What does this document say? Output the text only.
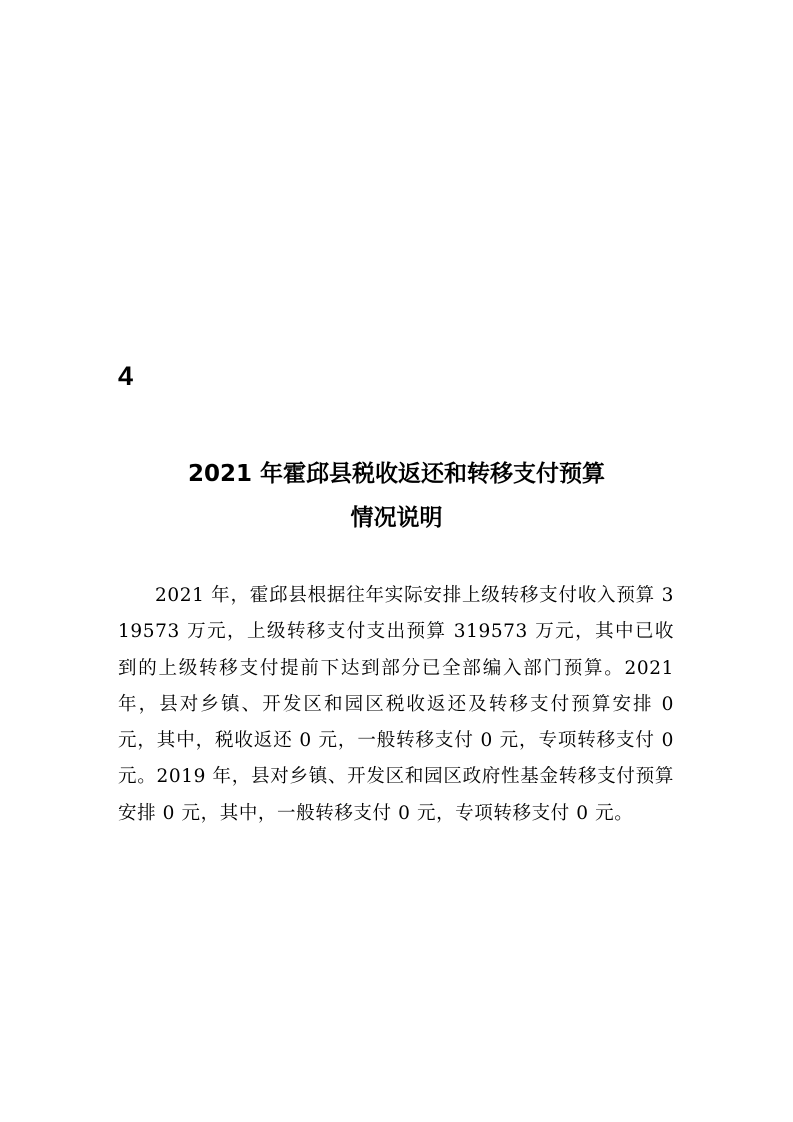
4

2021 年霍邱县税收返还和转移支付预算

情况说明

2021 年，霍邱县根据往年实际安排上级转移支付收入预算 319573 万元，上级转移支付支出预算 319573 万元，其中已收到的上级转移支付提前下达到部分已全部编入部门预算。2021 年，县对乡镇、开发区和园区税收返还及转移支付预算安排 0 元，其中，税收返还 0 元，一般转移支付 0 元，专项转移支付 0 元。2019 年，县对乡镇、开发区和园区政府性基金转移支付预算安排 0 元，其中，一般转移支付 0 元，专项转移支付 0 元。
